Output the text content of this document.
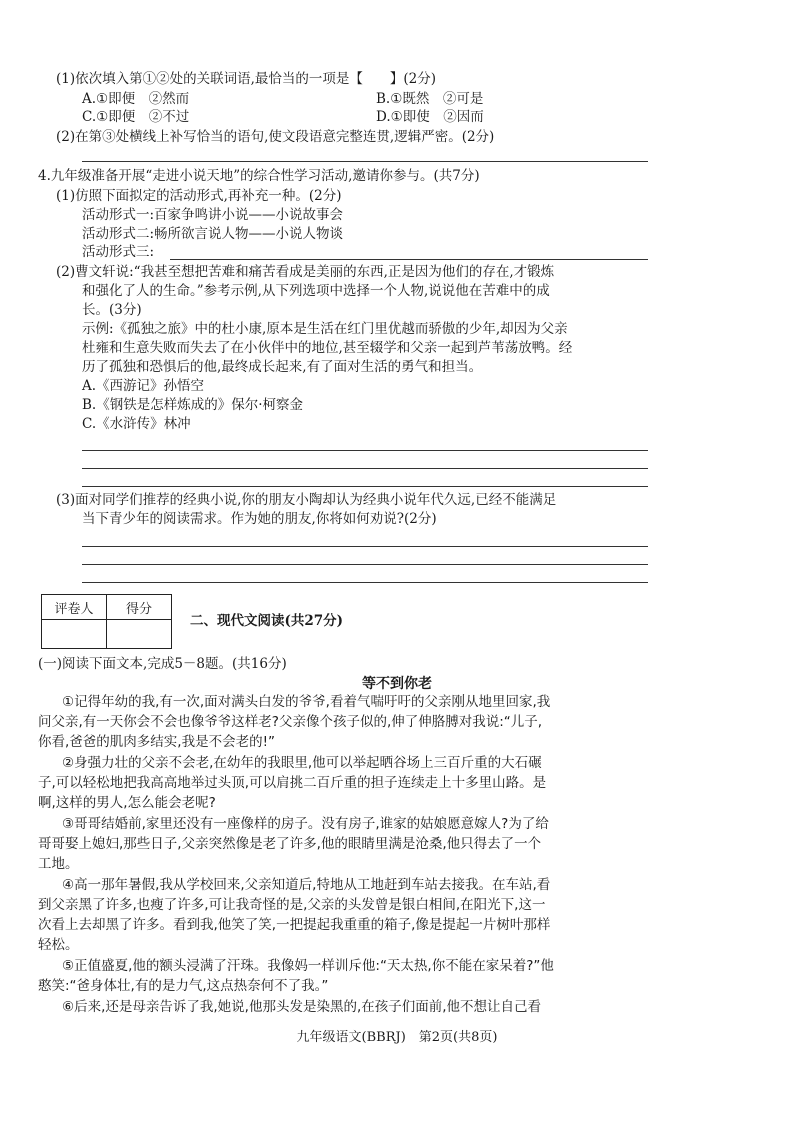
(1)依次填入第①②处的关联词语,最恰当的一项是【　　】(2分)
A.①即便　②然而	B.①既然　②可是
C.①即便　②不过	D.①即使　②因而
(2)在第③处横线上补写恰当的语句,使文段语意完整连贯,逻辑严密。(2分)
4.九年级准备开展“走进小说天地”的综合性学习活动,邀请你参与。(共7分)
(1)仿照下面拟定的活动形式,再补充一种。(2分)
活动形式一:百家争鸣讲小说——小说故事会
活动形式二:畅所欲言说人物——小说人物谈
活动形式三:
(2)曹文轩说:“我甚至想把苦难和痛苦看成是美丽的东西,正是因为他们的存在,才锻炼
和强化了人的生命。”参考示例,从下列选项中选择一个人物,说说他在苦难中的成
长。(3分)
示例:《孤独之旅》中的杜小康,原本是生活在红门里优越而骄傲的少年,却因为父亲
杜雍和生意失败而失去了在小伙伴中的地位,甚至辍学和父亲一起到芦苇荡放鸭。经
历了孤独和恐惧后的他,最终成长起来,有了面对生活的勇气和担当。
A.《西游记》孙悟空
B.《钢铁是怎样炼成的》保尔·柯察金
C.《水浒传》林冲
(3)面对同学们推荐的经典小说,你的朋友小陶却认为经典小说年代久远,已经不能满足
当下青少年的阅读需求。作为她的朋友,你将如何劝说?(2分)
评卷人	得分

二、现代文阅读(共27分)
(一)阅读下面文本,完成5－8题。(共16分)
等不到你老
①记得年幼的我,有一次,面对满头白发的爷爷,看着气喘吁吁的父亲刚从地里回家,我
问父亲,有一天你会不会也像爷爷这样老?父亲像个孩子似的,伸了伸胳膊对我说:“儿子,
你看,爸爸的肌肉多结实,我是不会老的!”
②身强力壮的父亲不会老,在幼年的我眼里,他可以举起晒谷场上三百斤重的大石碾
子,可以轻松地把我高高地举过头顶,可以肩挑二百斤重的担子连续走上十多里山路。是
啊,这样的男人,怎么能会老呢?
③哥哥结婚前,家里还没有一座像样的房子。没有房子,谁家的姑娘愿意嫁人?为了给
哥哥娶上媳妇,那些日子,父亲突然像是老了许多,他的眼睛里满是沧桑,他只得去了一个
工地。
④高一那年暑假,我从学校回来,父亲知道后,特地从工地赶到车站去接我。在车站,看
到父亲黑了许多,也瘦了许多,可让我奇怪的是,父亲的头发曾是银白相间,在阳光下,这一
次看上去却黑了许多。看到我,他笑了笑,一把提起我重重的箱子,像是提起一片树叶那样
轻松。
⑤正值盛夏,他的额头浸满了汗珠。我像妈一样训斥他:“天太热,你不能在家呆着?”他
憨笑:“爸身体壮,有的是力气,这点热奈何不了我。”
⑥后来,还是母亲告诉了我,她说,他那头发是染黑的,在孩子们面前,他不想让自己看
九年级语文(BBRJ)　第2页(共8页)
